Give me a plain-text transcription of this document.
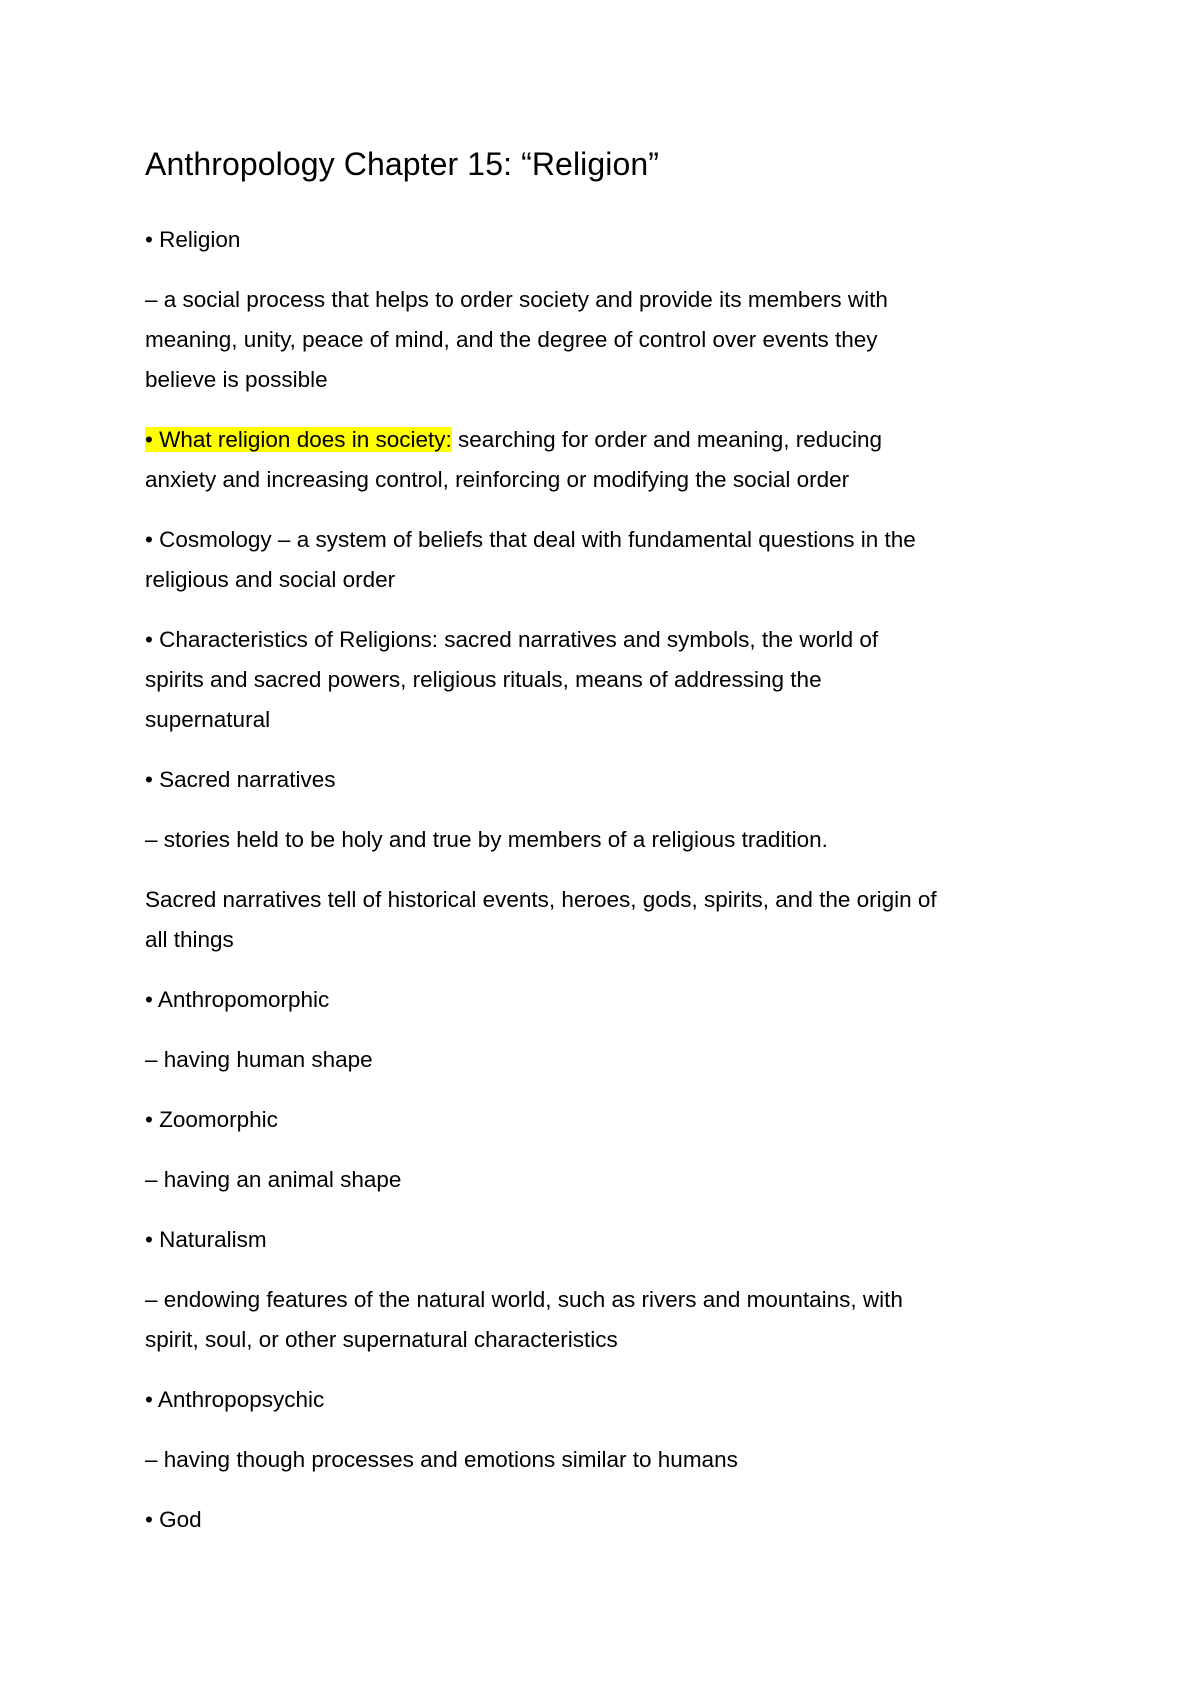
Anthropology Chapter 15: “Religion”

• Religion

– a social process that helps to order society and provide its members with

meaning, unity, peace of mind, and the degree of control over events they

believe is possible

• What religion does in society: searching for order and meaning, reducing

anxiety and increasing control, reinforcing or modifying the social order

• Cosmology – a system of beliefs that deal with fundamental questions in the

religious and social order

• Characteristics of Religions: sacred narratives and symbols, the world of

spirits and sacred powers, religious rituals, means of addressing the

supernatural

• Sacred narratives

– stories held to be holy and true by members of a religious tradition.

Sacred narratives tell of historical events, heroes, gods, spirits, and the origin of

all things

• Anthropomorphic

– having human shape

• Zoomorphic

– having an animal shape

• Naturalism

– endowing features of the natural world, such as rivers and mountains, with

spirit, soul, or other supernatural characteristics

• Anthropopsychic

– having though processes and emotions similar to humans

• God
